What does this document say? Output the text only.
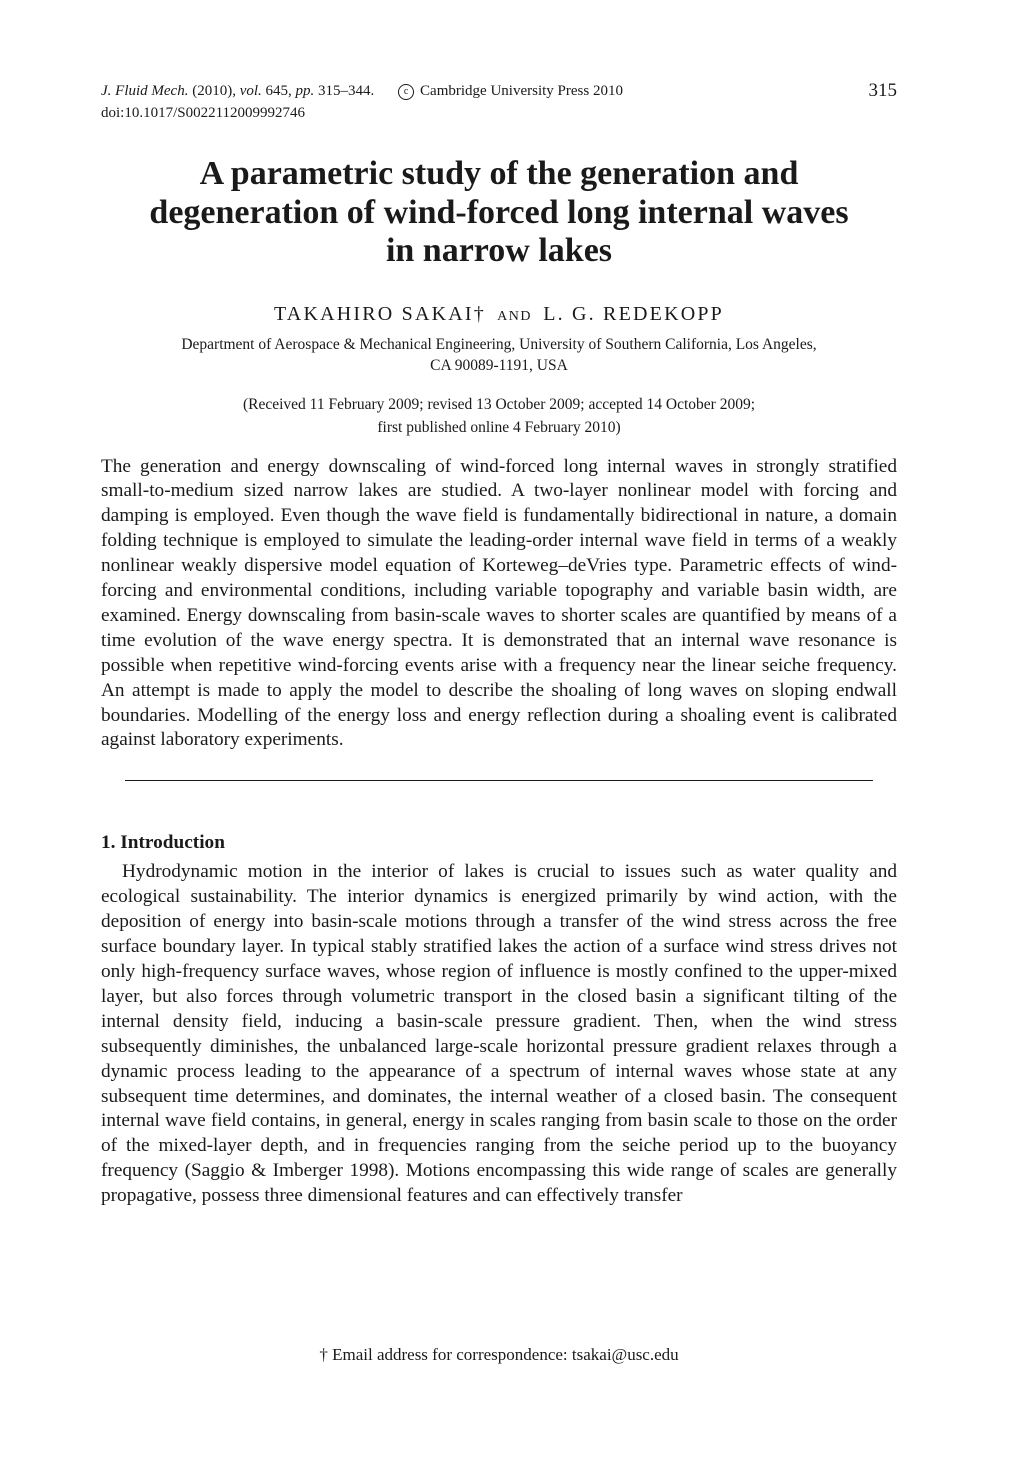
J. Fluid Mech. (2010), vol. 645, pp. 315–344.	c Cambridge University Press 2010
doi:10.1017/S0022112009992746
315
A parametric study of the generation and degeneration of wind-forced long internal waves in narrow lakes
TAKAHIRO SAKAI† AND L. G. REDEKOPP
Department of Aerospace & Mechanical Engineering, University of Southern California, Los Angeles,
CA 90089-1191, USA
(Received 11 February 2009; revised 13 October 2009; accepted 14 October 2009;
first published online 4 February 2010)

The generation and energy downscaling of wind-forced long internal waves in strongly stratified small-to-medium sized narrow lakes are studied. A two-layer nonlinear model with forcing and damping is employed. Even though the wave field is fundamentally bidirectional in nature, a domain folding technique is employed to simulate the leading-order internal wave field in terms of a weakly nonlinear weakly dispersive model equation of Korteweg–deVries type. Parametric effects of wind-forcing and environmental conditions, including variable topography and variable basin width, are examined. Energy downscaling from basin-scale waves to shorter scales are quantified by means of a time evolution of the wave energy spectra. It is demonstrated that an internal wave resonance is possible when repetitive wind-forcing events arise with a frequency near the linear seiche frequency. An attempt is made to apply the model to describe the shoaling of long waves on sloping endwall boundaries. Modelling of the energy loss and energy reflection during a shoaling event is calibrated against laboratory experiments.

1. Introduction

Hydrodynamic motion in the interior of lakes is crucial to issues such as water quality and ecological sustainability. The interior dynamics is energized primarily by wind action, with the deposition of energy into basin-scale motions through a transfer of the wind stress across the free surface boundary layer. In typical stably stratified lakes the action of a surface wind stress drives not only high-frequency surface waves, whose region of influence is mostly confined to the upper-mixed layer, but also forces through volumetric transport in the closed basin a significant tilting of the internal density field, inducing a basin-scale pressure gradient. Then, when the wind stress subsequently diminishes, the unbalanced large-scale horizontal pressure gradient relaxes through a dynamic process leading to the appearance of a spectrum of internal waves whose state at any subsequent time determines, and dominates, the internal weather of a closed basin. The consequent internal wave field contains, in general, energy in scales ranging from basin scale to those on the order of the mixed-layer depth, and in frequencies ranging from the seiche period up to the buoyancy frequency (Saggio & Imberger 1998). Motions encompassing this wide range of scales are generally propagative, possess three dimensional features and can effectively transfer

† Email address for correspondence: tsakai@usc.edu
